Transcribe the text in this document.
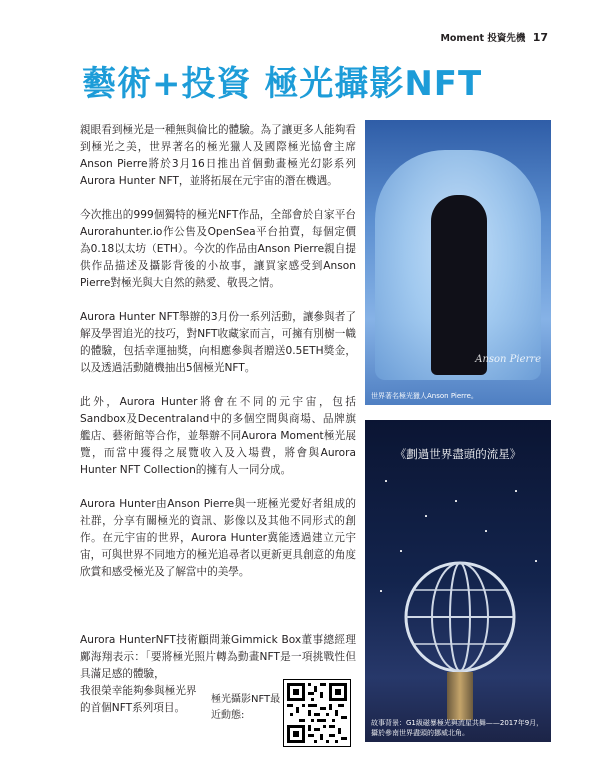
Moment 投資先機 17
藝術+投資 極光攝影NFT

親眼看到極光是一種無與倫比的體驗。為了讓更多人能夠看到極光之美，世界著名的極光獵人及國際極光協會主席Anson Pierre將於3月16日推出首個動畫極光幻影系列Aurora Hunter NFT，並將拓展在元宇宙的潛在機遇。

今次推出的999個獨特的極光NFT作品，全部會於自家平台Aurorahunter.io作公售及OpenSea平台拍賣，每個定價為0.18以太坊（ETH）。今次的作品由Anson Pierre親自提供作品描述及攝影背後的小故事，讓買家感受到Anson Pierre對極光與大自然的熱愛、敬畏之情。

Aurora Hunter NFT舉辦的3月份一系列活動，讓參與者了解及學習追光的技巧，對NFT收藏家而言，可擁有別樹一幟的體驗，包括幸運抽獎，向相應參與者贈送0.5ETH獎金，以及透過活動隨機抽出5個極光NFT。

此外，Aurora Hunter將會在不同的元宇宙，包括Sandbox及Decentraland中的多個空間與商場、品牌旗艦店、藝術館等合作，並舉辦不同Aurora Moment極光展覽，而當中獲得之展覽收入及入場費，將會與Aurora Hunter NFT Collection的擁有人一同分成。

Aurora Hunter由Anson Pierre與一班極光愛好者組成的社群，分享有關極光的資訊、影像以及其他不同形式的創作。在元宇宙的世界，Aurora Hunter冀能透過建立元宇宙，可與世界不同地方的極光追尋者以更新更具創意的角度欣賞和感受極光及了解當中的美學。

Aurora HunterNFT技術顧問兼Gimmick Box董事總經理鄺海翔表示：「要將極光照片轉為動畫NFT是一項挑戰性但具滿足感的體驗，
我很榮幸能夠參與極光界的首個NFT系列項目。
極光攝影NFT最近動態:
Anson Pierre
世界著名極光獵人Anson Pierre。
《劃過世界盡頭的流星》
故事背景：G1級磁暴極光與流星共舞——2017年9月，攝於參南世界盡頭的挪威北角。
